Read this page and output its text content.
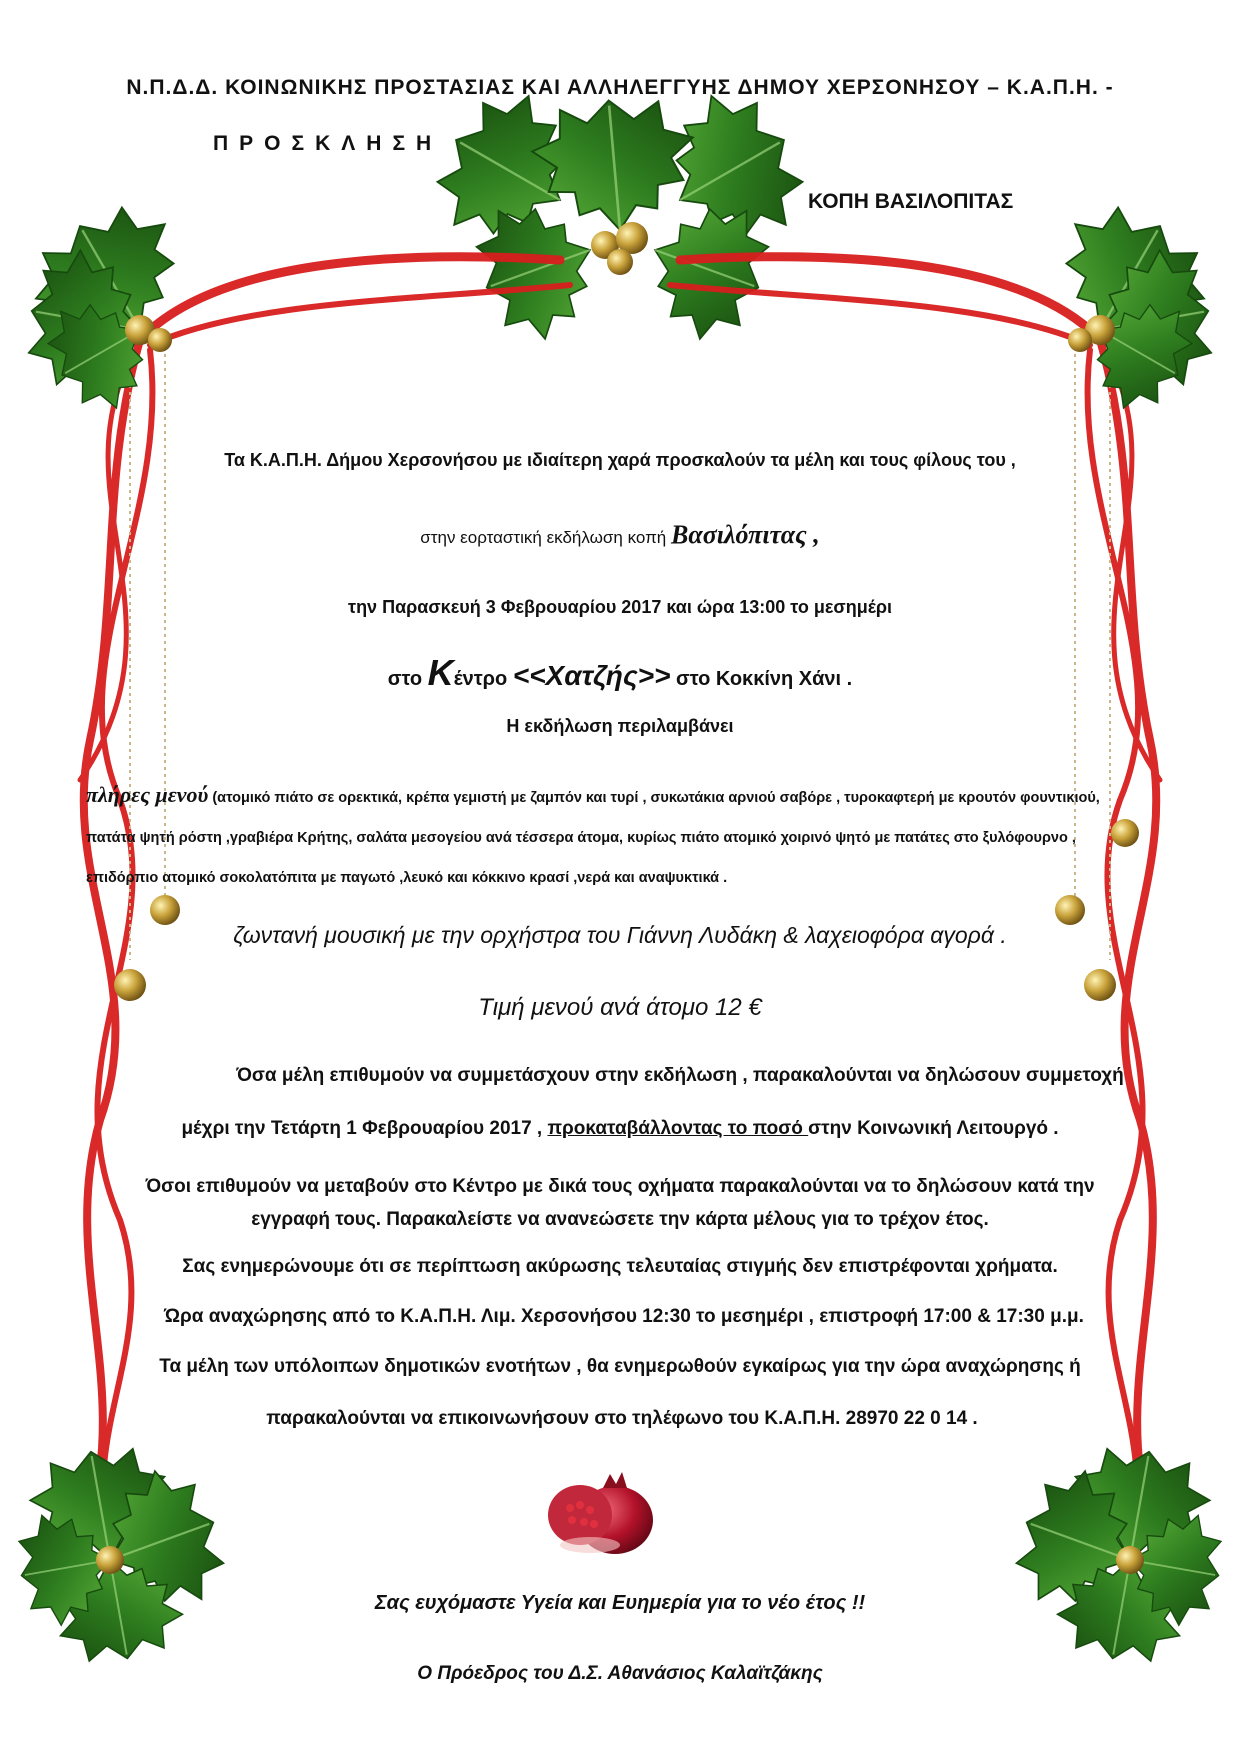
Ν.Π.Δ.Δ. ΚΟΙΝΩΝΙΚΗΣ ΠΡΟΣΤΑΣΙΑΣ ΚΑΙ ΑΛΛΗΛΕΓΓΥΗΣ ΔΗΜΟΥ ΧΕΡΣΟΝΗΣΟΥ – Κ.Α.Π.Η. -
ΠΡΟΣΚΛΗΣΗ
ΚΟΠΗ ΒΑΣΙΛΟΠΙΤΑΣ
Τα Κ.Α.Π.Η. Δήμου Χερσονήσου με ιδιαίτερη χαρά προσκαλούν τα μέλη και τους φίλους του ,
στην εορταστική εκδήλωση κοπή Βασιλόπιτας ,
την Παρασκευή 3 Φεβρουαρίου 2017 και ώρα 13:00 το μεσημέρι
στο Κέντρο <<Χατζής>> στο Κοκκίνη Χάνι .
Η εκδήλωση περιλαμβάνει
πλήρες μενού (ατομικό πιάτο σε ορεκτικά, κρέπα γεμιστή με ζαμπόν και τυρί , συκωτάκια αρνιού σαβόρε , τυροκαφτερή με κρουτόν φουντικιού, πατάτα ψητή ρόστη ,γραβιέρα Κρήτης, σαλάτα μεσογείου ανά τέσσερα άτομα, κυρίως πιάτο ατομικό χοιρινό ψητό με πατάτες στο ξυλόφουρνο , επιδόρπιο ατομικό σοκολατόπιτα με παγωτό ,λευκό και κόκκινο κρασί ,νερά και αναψυκτικά .
ζωντανή μουσική με την ορχήστρα του Γιάννη Λυδάκη & λαχειοφόρα αγορά .
Τιμή μενού ανά άτομο 12 €
Όσα μέλη επιθυμούν να συμμετάσχουν στην εκδήλωση , παρακαλούνται να δηλώσουν συμμετοχή
μέχρι την Τετάρτη 1 Φεβρουαρίου 2017 , προκαταβάλλοντας το ποσό στην Κοινωνική Λειτουργό .
Όσοι επιθυμούν να μεταβούν στο Κέντρο με δικά τους οχήματα παρακαλούνται να το δηλώσουν κατά την
εγγραφή τους. Παρακαλείστε να ανανεώσετε την κάρτα μέλους για το τρέχον έτος.
Σας ενημερώνουμε ότι σε περίπτωση ακύρωσης τελευταίας στιγμής δεν επιστρέφονται χρήματα.
Ώρα αναχώρησης από το Κ.Α.Π.Η. Λιμ. Χερσονήσου 12:30 το μεσημέρι , επιστροφή 17:00 & 17:30 μ.μ.
Τα μέλη των υπόλοιπων δημοτικών ενοτήτων , θα ενημερωθούν εγκαίρως για την ώρα αναχώρησης ή
παρακαλούνται να επικοινωνήσουν στο τηλέφωνο του Κ.Α.Π.Η. 28970 22 0 14 .
Σας ευχόμαστε Υγεία και Ευημερία για το νέο έτος !!
Ο Πρόεδρος του Δ.Σ. Αθανάσιος Καλαϊτζάκης
